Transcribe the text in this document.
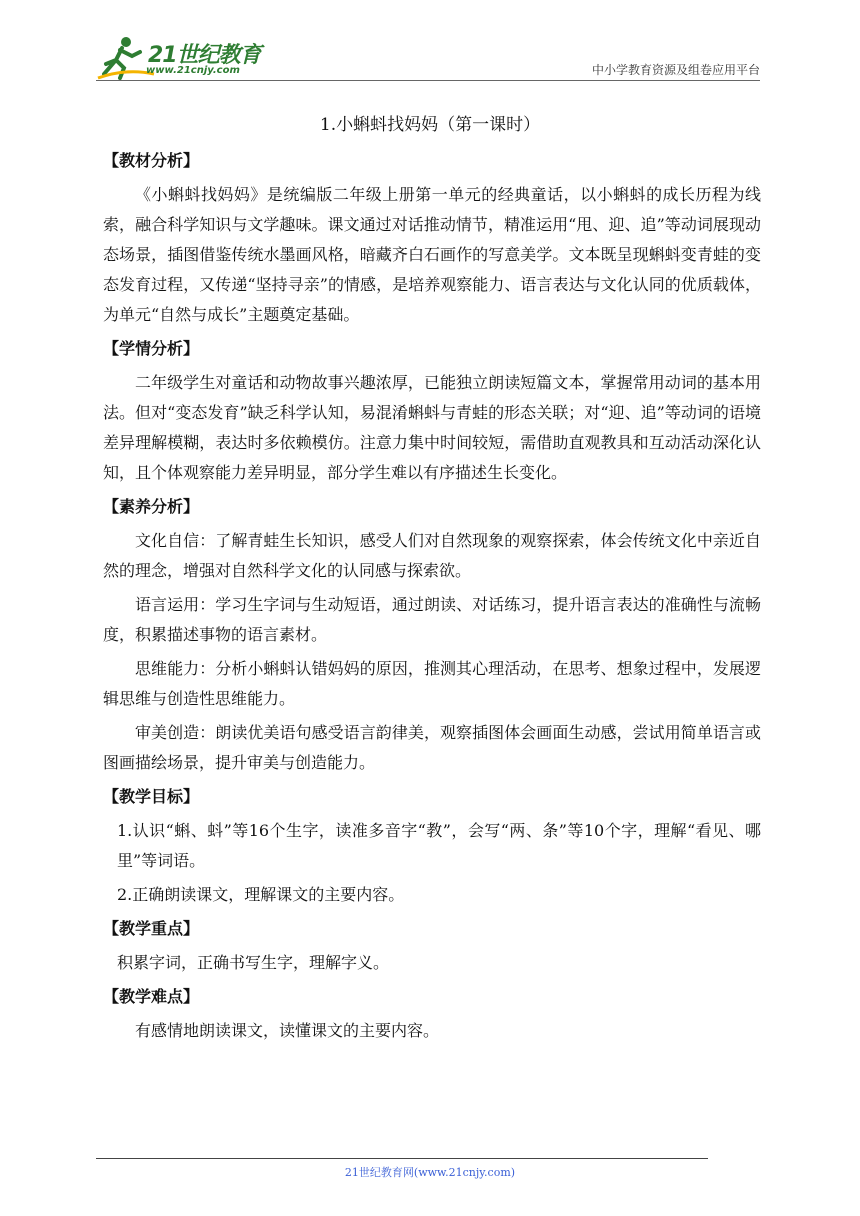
21世纪教育
www.21cnjy.com	中小学教育资源及组卷应用平台
1.小蝌蚪找妈妈（第一课时）
【教材分析】

《小蝌蚪找妈妈》是统编版二年级上册第一单元的经典童话，以小蝌蚪的成长历程为线索，融合科学知识与文学趣味。课文通过对话推动情节，精准运用“甩、迎、追”等动词展现动态场景，插图借鉴传统水墨画风格，暗藏齐白石画作的写意美学。文本既呈现蝌蚪变青蛙的变态发育过程，又传递“坚持寻亲”的情感，是培养观察能力、语言表达与文化认同的优质载体，为单元“自然与成长”主题奠定基础。

【学情分析】

二年级学生对童话和动物故事兴趣浓厚，已能独立朗读短篇文本，掌握常用动词的基本用法。但对“变态发育”缺乏科学认知，易混淆蝌蚪与青蛙的形态关联；对“迎、追”等动词的语境差异理解模糊，表达时多依赖模仿。注意力集中时间较短，需借助直观教具和互动活动深化认知，且个体观察能力差异明显，部分学生难以有序描述生长变化。

【素养分析】

文化自信：了解青蛙生长知识，感受人们对自然现象的观察探索，体会传统文化中亲近自然的理念，增强对自然科学文化的认同感与探索欲。

语言运用：学习生字词与生动短语，通过朗读、对话练习，提升语言表达的准确性与流畅度，积累描述事物的语言素材。

思维能力：分析小蝌蚪认错妈妈的原因，推测其心理活动，在思考、想象过程中，发展逻辑思维与创造性思维能力。

审美创造：朗读优美语句感受语言韵律美，观察插图体会画面生动感，尝试用简单语言或图画描绘场景，提升审美与创造能力。

【教学目标】

1.认识“蝌、蚪”等16个生字，读准多音字“教”，会写“两、条”等10个字，理解“看见、哪里”等词语。

2.正确朗读课文，理解课文的主要内容。

【教学重点】

积累字词，正确书写生字，理解字义。

【教学难点】

有感情地朗读课文，读懂课文的主要内容。

21世纪教育网(www.21cnjy.com)
